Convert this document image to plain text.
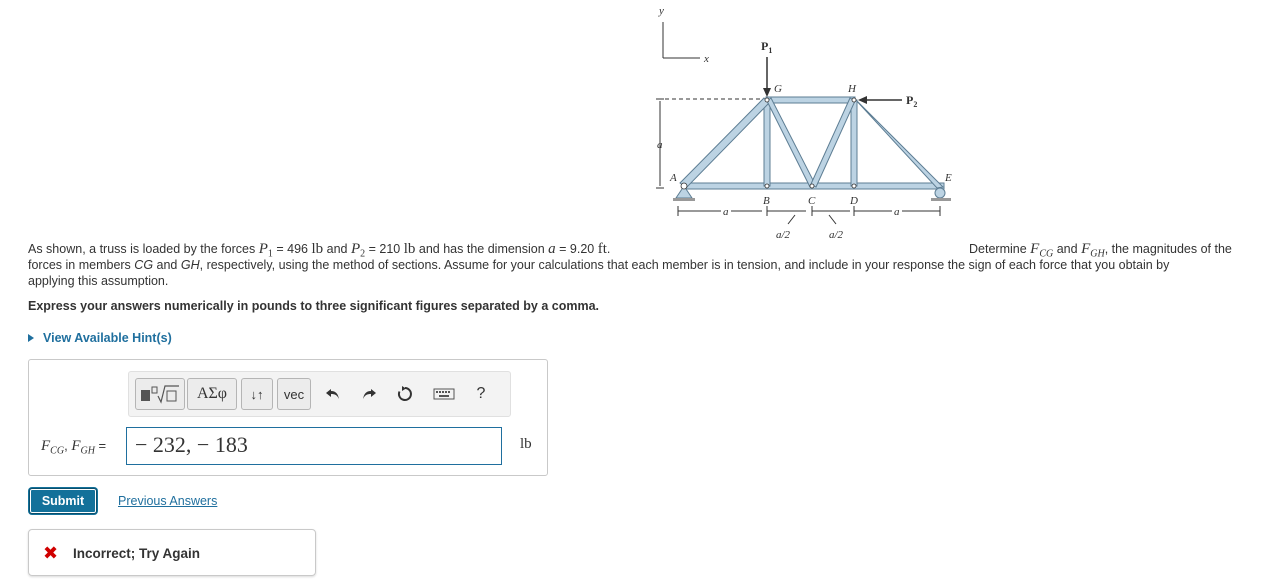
y
x
$P_1$
$P_2$
G	H
A
B	C	D
E
a
a	a
a/2	a/2
As shown, a truss is loaded by the forces $P_1 = 496$ lb and $P_2 = 210$ lb and has the dimension a = 9.20 ft.	Determine $F_{CG}$ and $F_{GH}$, the magnitudes of the
forces in members CG and GH, respectively, using the method of sections. Assume for your calculations that each member is in tension, and include in your response the sign of each force that you obtain by
applying this assumption.
Express your answers numerically in pounds to three significant figures separated by a comma.
View Available Hint(s)
ΑΣφ	↓↑	vec	?
$F_{CG}$, $F_{GH}$ =	− 232, − 183	lb
Submit	Previous Answers
✖ Incorrect; Try Again
